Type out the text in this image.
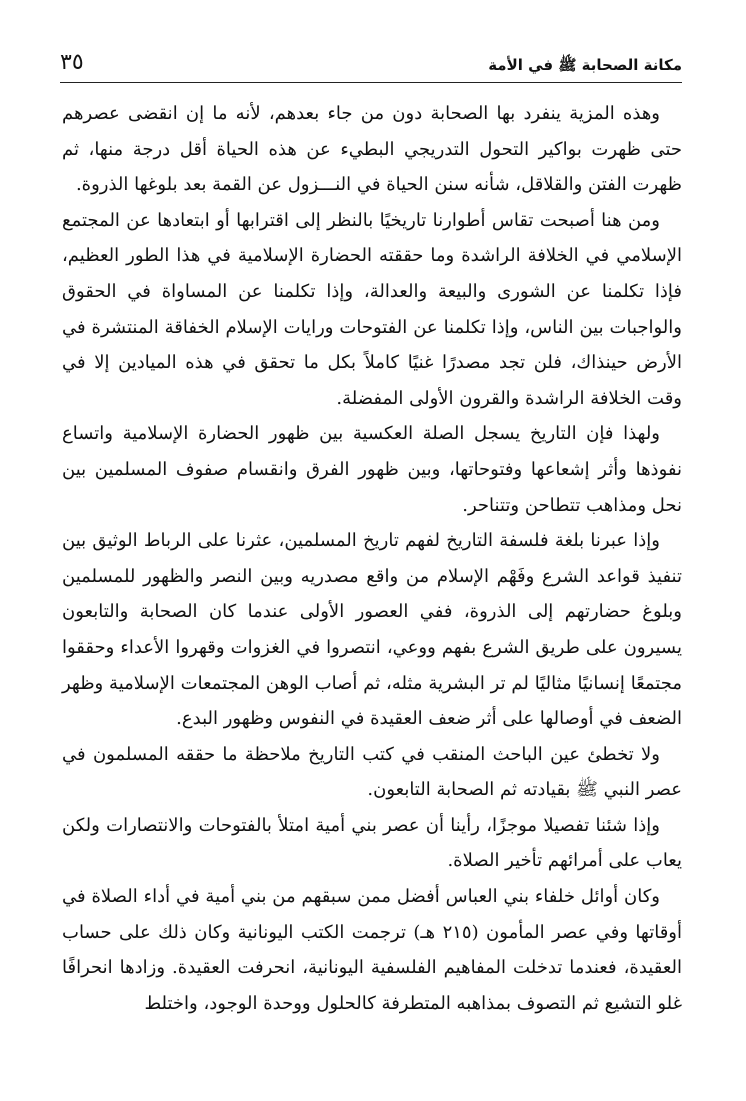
مكانة الصحابة ﷺ في الأمة
٣٥

وهذه المزية ينفرد بها الصحابة دون من جاء بعدهم، لأنه ما إن انقضى عصرهم حتى ظهرت بواكير التحول التدريجي البطيء عن هذه الحياة أقل درجة منها، ثم ظهرت الفتن والقلاقل، شأنه سنن الحياة في النـــزول عن القمة بعد بلوغها الذروة.

ومن هنا أصبحت تقاس أطوارنا تاريخيًا بالنظر إلى اقترابها أو ابتعادها عن المجتمع الإسلامي في الخلافة الراشدة وما حققته الحضارة الإسلامية في هذا الطور العظيم، فإذا تكلمنا عن الشورى والبيعة والعدالة، وإذا تكلمنا عن المساواة في الحقوق والواجبات بين الناس، وإذا تكلمنا عن الفتوحات ورايات الإسلام الخفاقة المنتشرة في الأرض حينذاك، فلن تجد مصدرًا غنيًا كاملاً بكل ما تحقق في هذه الميادين إلا في وقت الخلافة الراشدة والقرون الأولى المفضلة.

ولهذا فإن التاريخ يسجل الصلة العكسية بين ظهور الحضارة الإسلامية واتساع نفوذها وأثر إشعاعها وفتوحاتها، وبين ظهور الفرق وانقسام صفوف المسلمين بين نحل ومذاهب تتطاحن وتتناحر.

وإذا عبرنا بلغة فلسفة التاريخ لفهم تاريخ المسلمين، عثرنا على الرباط الوثيق بين تنفيذ قواعد الشرع وفَهْم الإسلام من واقع مصدريه وبين النصر والظهور للمسلمين وبلوغ حضارتهم إلى الذروة، ففي العصور الأولى عندما كان الصحابة والتابعون يسيرون على طريق الشرع بفهم ووعي، انتصروا في الغزوات وقهروا الأعداء وحققوا مجتمعًا إنسانيًا مثاليًا لم تر البشرية مثله، ثم أصاب الوهن المجتمعات الإسلامية وظهر الضعف في أوصالها على أثر ضعف العقيدة في النفوس وظهور البدع.

ولا تخطئ عين الباحث المنقب في كتب التاريخ ملاحظة ما حققه المسلمون في عصر النبي ﷺ بقيادته ثم الصحابة التابعون.

وإذا شئنا تفصيلا موجزًا، رأينا أن عصر بني أمية امتلأ بالفتوحات والانتصارات ولكن يعاب على أمرائهم تأخير الصلاة.

وكان أوائل خلفاء بني العباس أفضل ممن سبقهم من بني أمية في أداء الصلاة في أوقاتها وفي عصر المأمون (٢١٥ هـ) ترجمت الكتب اليونانية وكان ذلك على حساب العقيدة، فعندما تدخلت المفاهيم الفلسفية اليونانية، انحرفت العقيدة. وزادها انحرافًا غلو التشيع ثم التصوف بمذاهبه المتطرفة كالحلول ووحدة الوجود، واختلط
